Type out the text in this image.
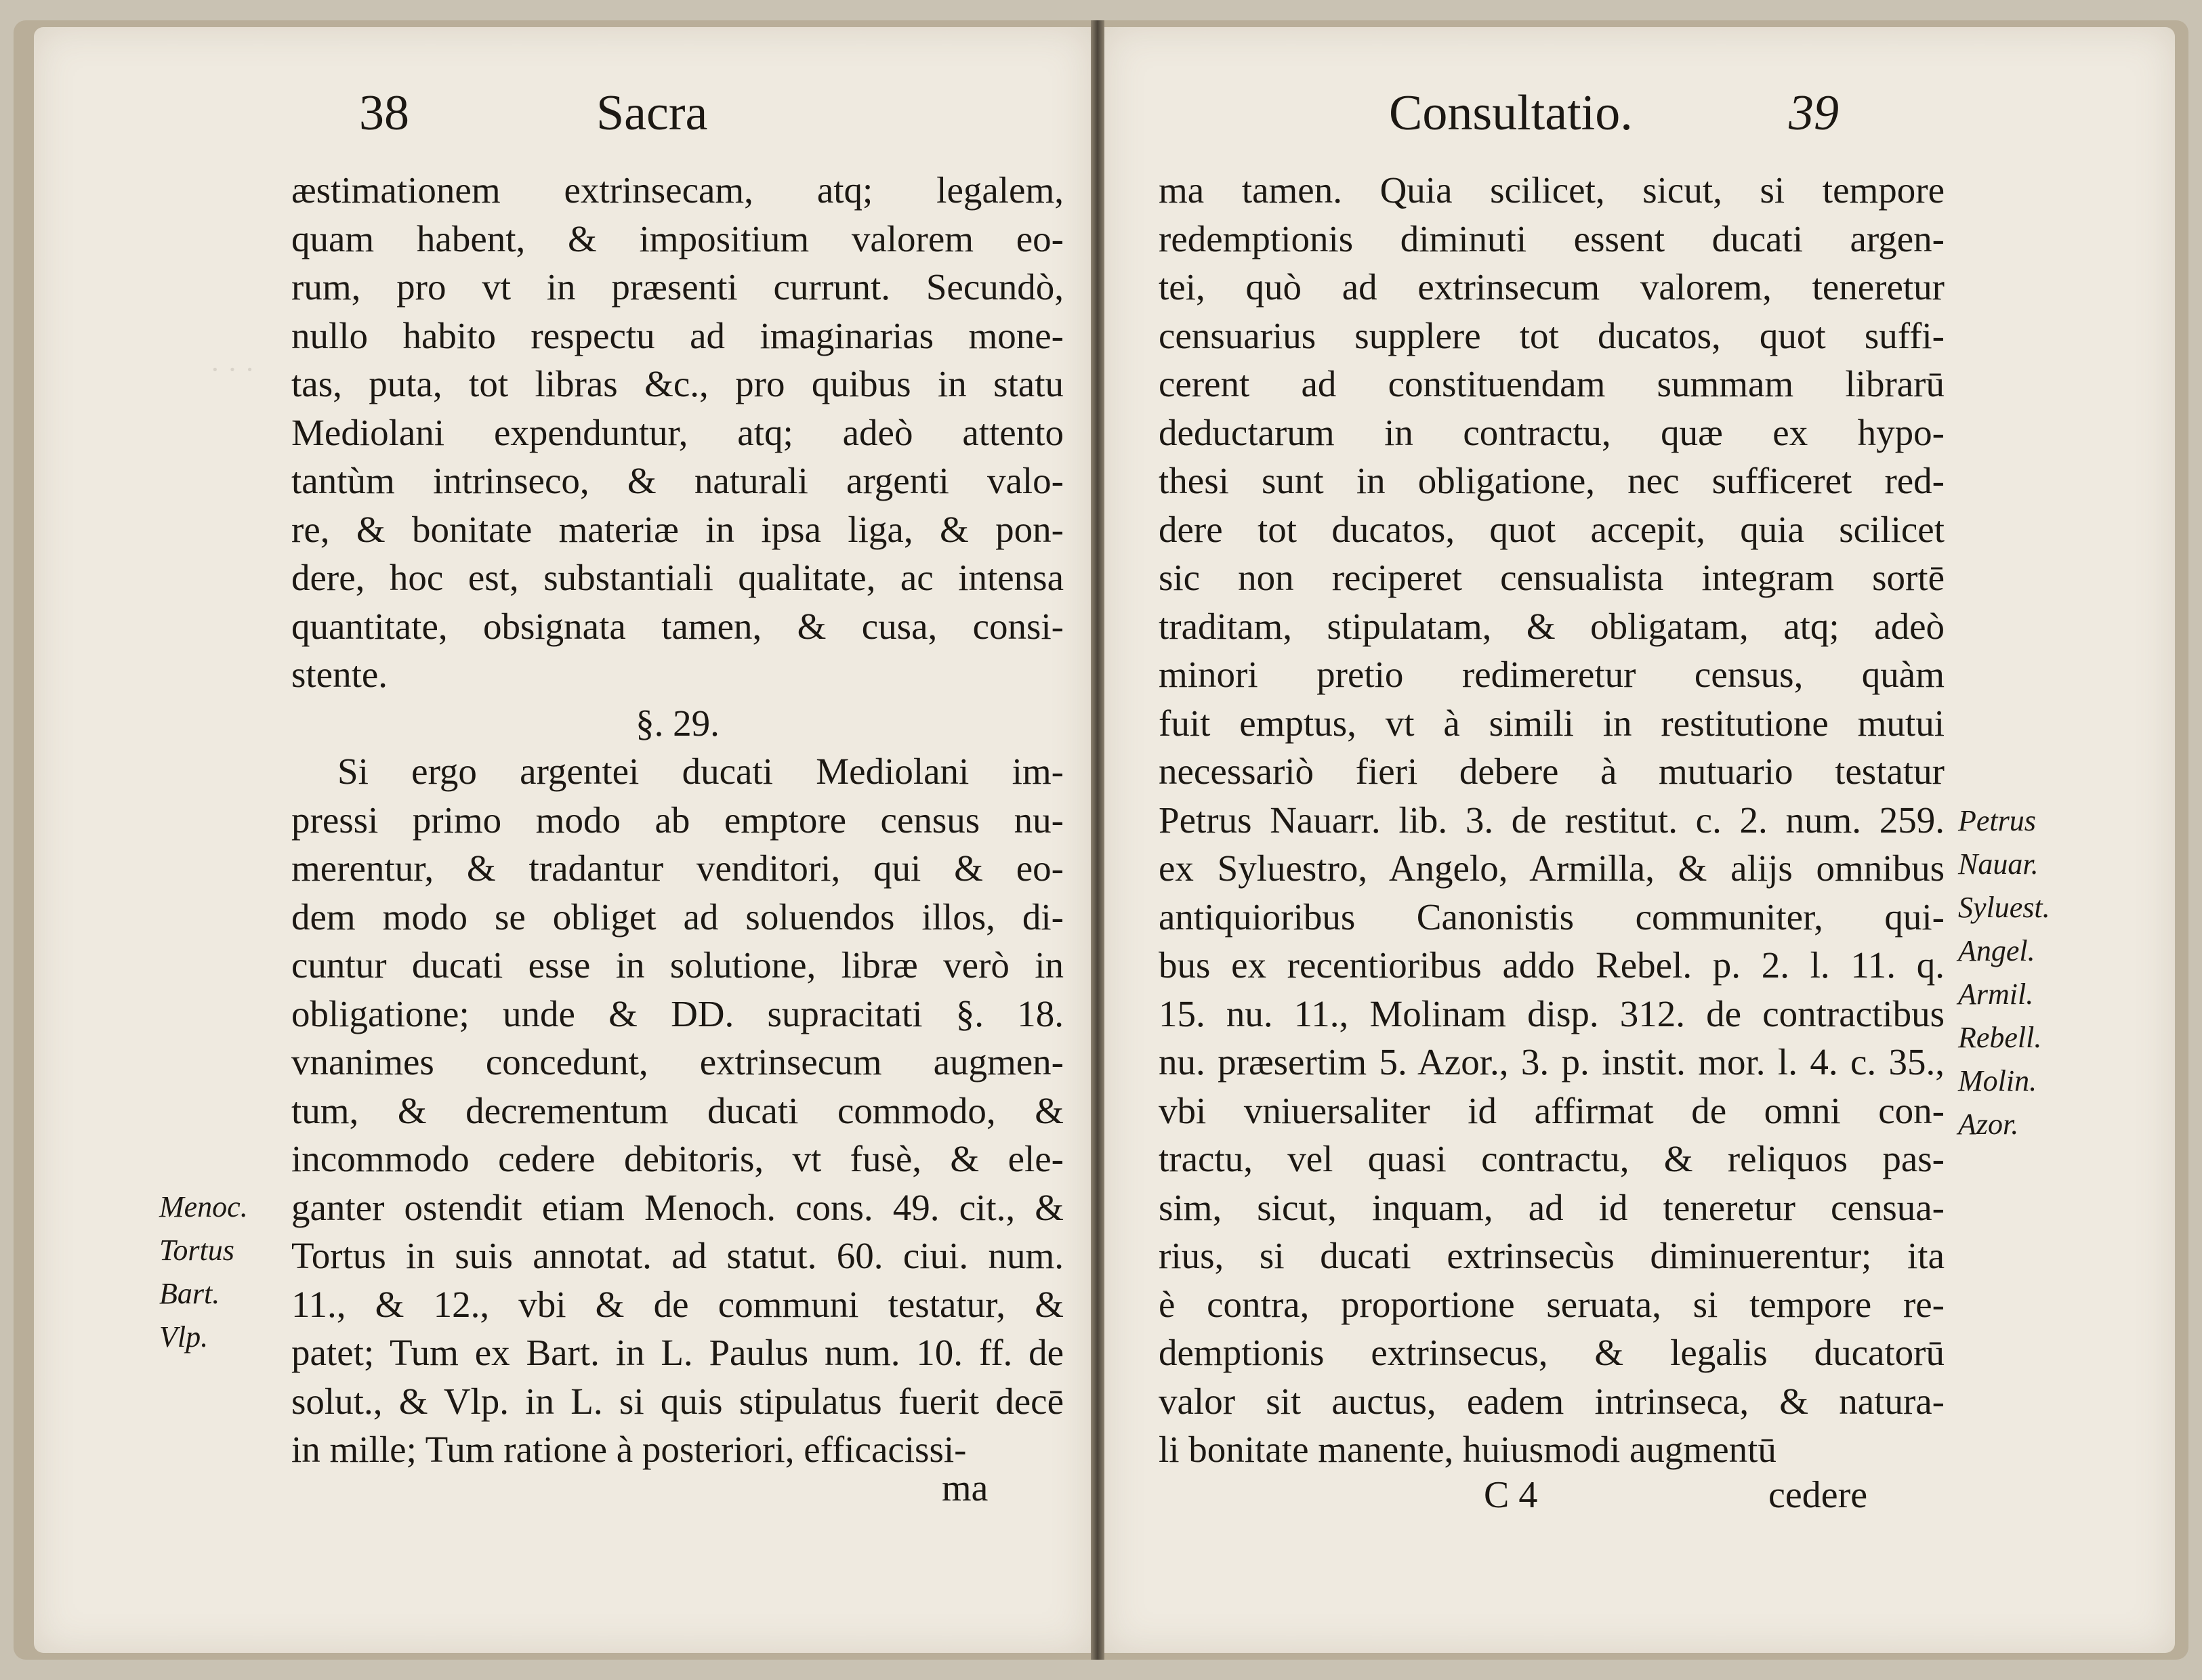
· · ·
38	Sacra
æstimationem extrinsecam, atq; legalem,
quam habent, & impositium valorem eo-
rum, pro vt in præsenti currunt. Secundò,
nullo habito respectu ad imaginarias mone-
tas, puta, tot libras &c., pro quibus in statu
Mediolani expenduntur, atq; adeò attento
tantùm intrinseco, & naturali argenti valo-
re, & bonitate materiæ in ipsa liga, & pon-
dere, hoc est, substantiali qualitate, ac intensa
quantitate, obsignata tamen, & cusa, consi-
stente.
§. 29.
Si ergo argentei ducati Mediolani im-
pressi primo modo ab emptore census nu-
merentur, & tradantur venditori, qui & eo-
dem modo se obliget ad soluendos illos, di-
cuntur ducati esse in solutione, libræ verò in
obligatione; unde & DD. supracitati §. 18.
vnanimes concedunt, extrinsecum augmen-
tum, & decrementum ducati commodo, &
incommodo cedere debitoris, vt fusè, & ele-
ganter ostendit etiam Menoch. cons. 49. cit., &
Tortus in suis annotat. ad statut. 60. ciui. num.
11., & 12., vbi & de communi testatur, &
patet; Tum ex Bart. in L. Paulus num. 10. ff. de
solut., & Vlp. in L. si quis stipulatus fuerit decē
in mille; Tum ratione à posteriori, efficacissi-
Menoc.
Tortus
Bart.
Vlp.
ma
Consultatio.	39
ma tamen. Quia scilicet, sicut, si tempore
redemptionis diminuti essent ducati argen-
tei, quò ad extrinsecum valorem, teneretur
censuarius supplere tot ducatos, quot suffi-
cerent ad constituendam summam librarū
deductarum in contractu, quæ ex hypo-
thesi sunt in obligatione, nec sufficeret red-
dere tot ducatos, quot accepit, quia scilicet
sic non reciperet censualista integram sortē
traditam, stipulatam, & obligatam, atq; adeò
minori pretio redimeretur census, quàm
fuit emptus, vt à simili in restitutione mutui
necessariò fieri debere à mutuario testatur
Petrus Nauarr. lib. 3. de restitut. c. 2. num. 259.
ex Syluestro, Angelo, Armilla, & alijs omnibus
antiquioribus Canonistis communiter, qui-
bus ex recentioribus addo Rebel. p. 2. l. 11. q.
15. nu. 11., Molinam disp. 312. de contractibus
nu. præsertim 5. Azor., 3. p. instit. mor. l. 4. c. 35.,
vbi vniuersaliter id affirmat de omni con-
tractu, vel quasi contractu, & reliquos pas-
sim, sicut, inquam, ad id teneretur censua-
rius, si ducati extrinsecùs diminuerentur; ita
è contra, proportione seruata, si tempore re-
demptionis extrinsecus, & legalis ducatorū
valor sit auctus, eadem intrinseca, & natura-
li bonitate manente, huiusmodi augmentū
Petrus
Nauar.
Syluest.
Angel.
Armil.
Rebell.
Molin.
Azor.
C 4	cedere
